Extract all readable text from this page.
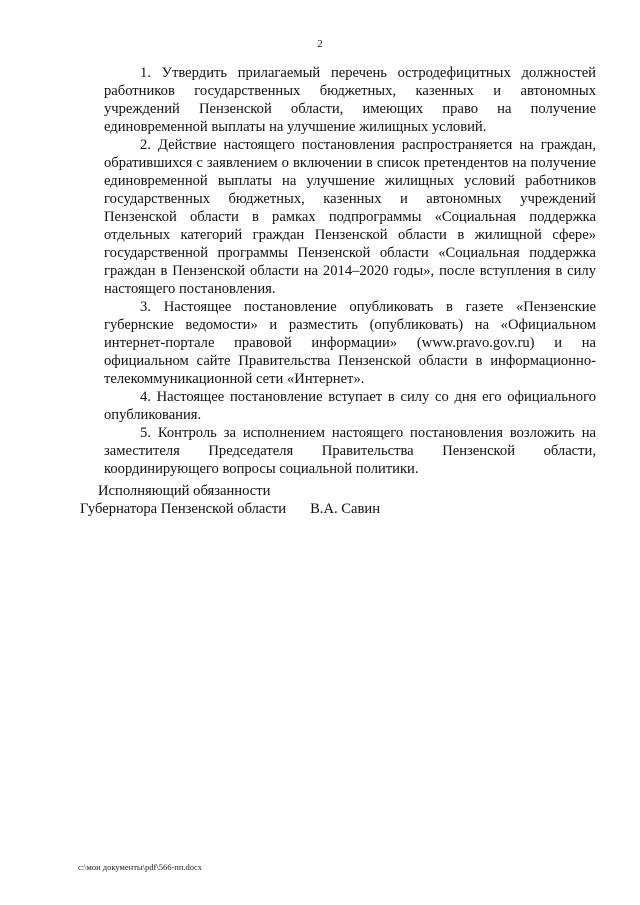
2

1. Утвердить прилагаемый перечень остродефицитных должностей работников государственных бюджетных, казенных и автономных учреждений Пензенской области, имеющих право на получение единовременной выплаты на улучшение жилищных условий.

2. Действие настоящего постановления распространяется на граждан, обратившихся с заявлением о включении в список претендентов на получение единовременной выплаты на улучшение жилищных условий работников государственных бюджетных, казенных и автономных учреждений Пензенской области в рамках подпрограммы «Социальная поддержка отдельных категорий граждан Пензенской области в жилищной сфере» государственной программы Пензенской области «Социальная поддержка граждан в Пензенской области на 2014–2020 годы», после вступления в силу настоящего постановления.

3. Настоящее постановление опубликовать в газете «Пензенские губернские ведомости» и разместить (опубликовать) на «Официальном интернет-портале правовой информации» (www.pravo.gov.ru) и на официальном сайте Правительства Пензенской области в информационно-телекоммуникационной сети «Интернет».

4. Настоящее постановление вступает в силу со дня его официального опубликования.

5. Контроль за исполнением настоящего постановления возложить на заместителя Председателя Правительства Пензенской области, координирующего вопросы социальной политики.

Исполняющий обязанности
Губернатора Пензенской области В.А. Савин
c:\мои документы\pdf\566-пп.docx
